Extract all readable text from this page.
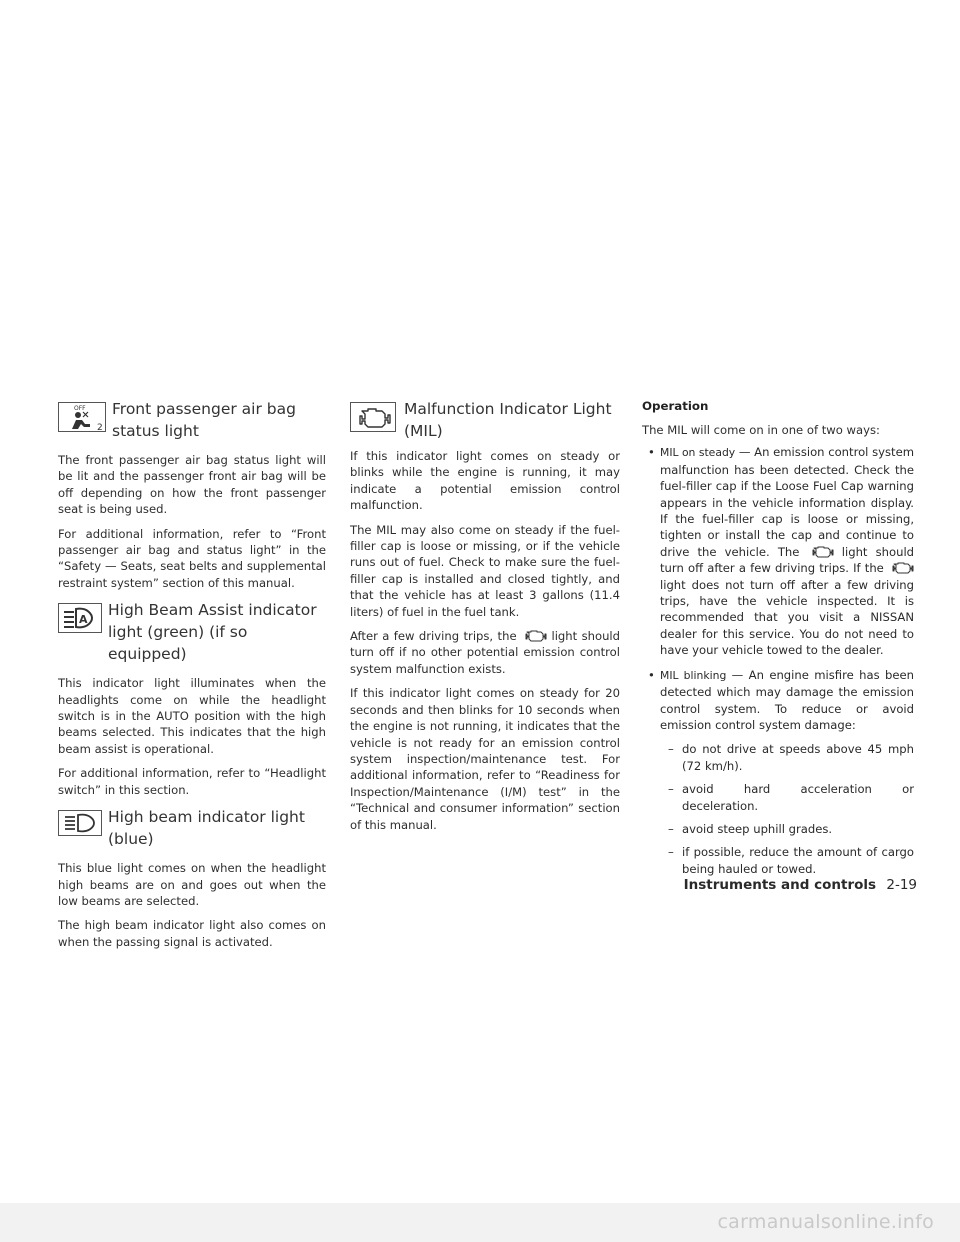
OFF
2
Front passenger air bag
status light

The front passenger air bag status light will be lit and the passenger front air bag will be off depending on how the front passenger seat is being used.

For additional information, refer to “Front passenger air bag and status light” in the “Safety — Seats, seat belts and supplemental restraint system” section of this manual.

A
High Beam Assist indicator
light (green) (if so equipped)

This indicator light illuminates when the headlights come on while the headlight switch is in the AUTO position with the high beams selected. This indicates that the high beam assist is operational.

For additional information, refer to “Headlight switch” in this section.

High beam indicator light
(blue)

This blue light comes on when the headlight high beams are on and goes out when the low beams are selected.

The high beam indicator light also comes on when the passing signal is activated.

Malfunction Indicator Light
(MIL)

If this indicator light comes on steady or blinks while the engine is running, it may indicate a potential emission control malfunction.

The MIL may also come on steady if the fuel-filler cap is loose or missing, or if the vehicle runs out of fuel. Check to make sure the fuel-filler cap is installed and closed tightly, and that the vehicle has at least 3 gallons (11.4 liters) of fuel in the fuel tank.

After a few driving trips, the	light should turn off if no other potential emission control system malfunction exists.

If this indicator light comes on steady for 20 seconds and then blinks for 10 seconds when the engine is not running, it indicates that the vehicle is not ready for an emission control system inspection/maintenance test. For additional information, refer to “Readiness for Inspection/Maintenance (I/M) test” in the “Technical and consumer information” section of this manual.

Operation

The MIL will come on in one of two ways:

• MIL on steady — An emission control system malfunction has been detected. Check the fuel-filler cap if the Loose Fuel Cap warning appears in the vehicle information display. If the fuel-filler cap is loose or missing, tighten or install the cap and continue to drive the vehicle. The	light should turn off after a few driving trips. If the  light does not turn off after a few driving trips, have the vehicle inspected. It is recommended that you visit a NISSAN dealer for this service. You do not need to have your vehicle towed to the dealer.
• MIL blinking — An engine misfire has been detected which may damage the emission control system. To reduce or avoid emission control system damage:
– do not drive at speeds above 45 mph (72 km/h).
– avoid hard acceleration or deceleration.
– avoid steep uphill grades.
– if possible, reduce the amount of cargo being hauled or towed.
Instruments and controls 2-19
carmanualsonline.info
